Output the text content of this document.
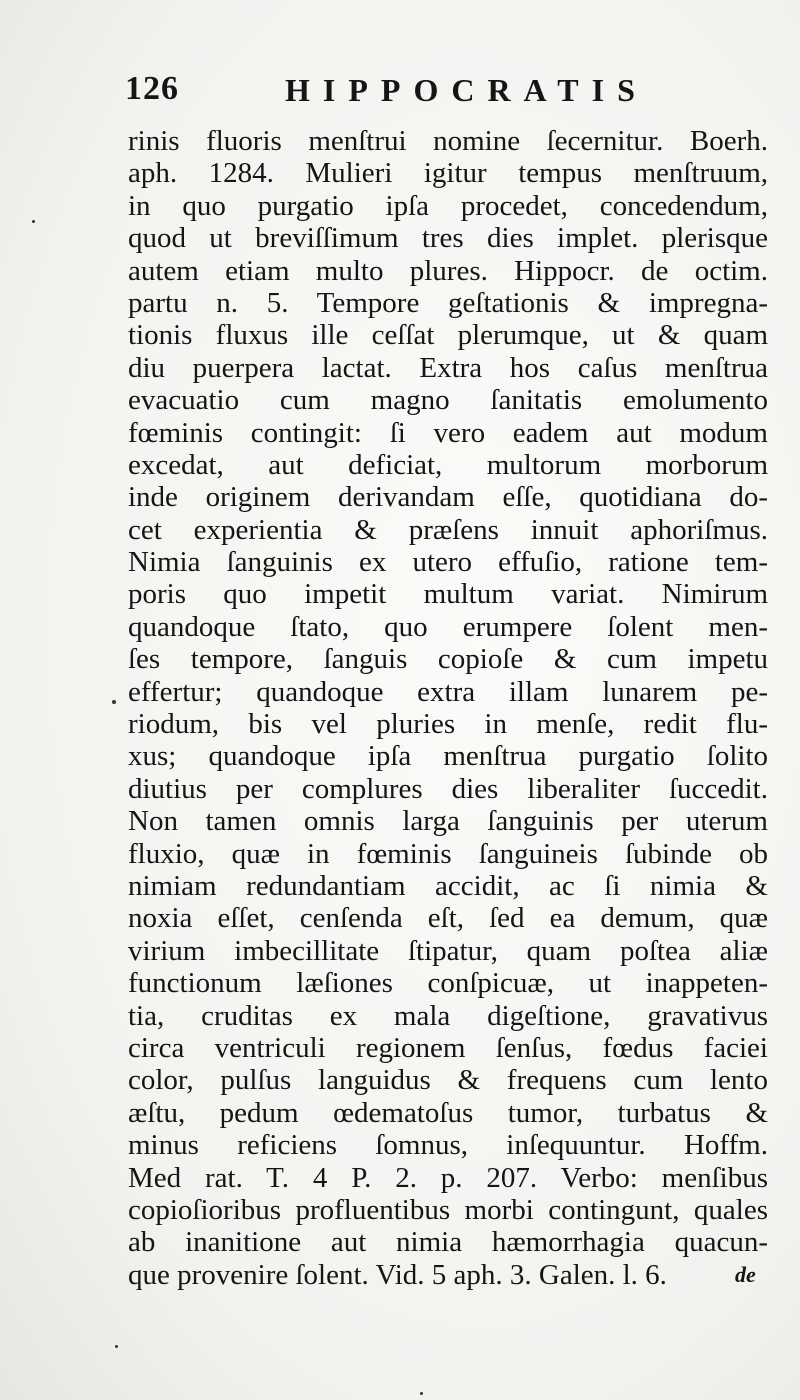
126	HIPPOCRATIS
rinis fluoris menſtrui nomine ſecernitur. Boerh.
aph. 1284. Mulieri igitur tempus menſtruum,
in quo purgatio ipſa procedet, concedendum,
quod ut breviſſimum tres dies implet. plerisque
autem etiam multo plures. Hippocr. de octim.
partu n. 5. Tempore geſtationis & impregna-
tionis fluxus ille ceſſat plerumque, ut & quam
diu puerpera lactat. Extra hos caſus menſtrua
evacuatio cum magno ſanitatis emolumento
fœminis contingit: ſi vero eadem aut modum
excedat, aut deficiat, multorum morborum
inde originem derivandam eſſe, quotidiana do-
cet experientia & præſens innuit aphoriſmus.
Nimia ſanguinis ex utero effuſio, ratione tem-
poris quo impetit multum variat. Nimirum
quandoque ſtato, quo erumpere ſolent men-
ſes tempore, ſanguis copioſe & cum impetu
effertur; quandoque extra illam lunarem pe-
riodum, bis vel pluries in menſe, redit flu-
xus; quandoque ipſa menſtrua purgatio ſolito
diutius per complures dies liberaliter ſuccedit.
Non tamen omnis larga ſanguinis per uterum
fluxio, quæ in fœminis ſanguineis ſubinde ob
nimiam redundantiam accidit, ac ſi nimia &
noxia eſſet, cenſenda eſt, ſed ea demum, quæ
virium imbecillitate ſtipatur, quam poſtea aliæ
functionum læſiones conſpicuæ, ut inappeten-
tia, cruditas ex mala digeſtione, gravativus
circa ventriculi regionem ſenſus, fœdus faciei
color, pulſus languidus & frequens cum lento
æſtu, pedum œdematoſus tumor, turbatus &
minus reficiens ſomnus, inſequuntur. Hoffm.
Med rat. T. 4 P. 2. p. 207. Verbo: menſibus
copioſioribus profluentibus morbi contingunt, quales
ab inanitione aut nimia hæmorrhagia quacun-
que provenire ſolent. Vid. 5 aph. 3. Galen. l. 6.	de
